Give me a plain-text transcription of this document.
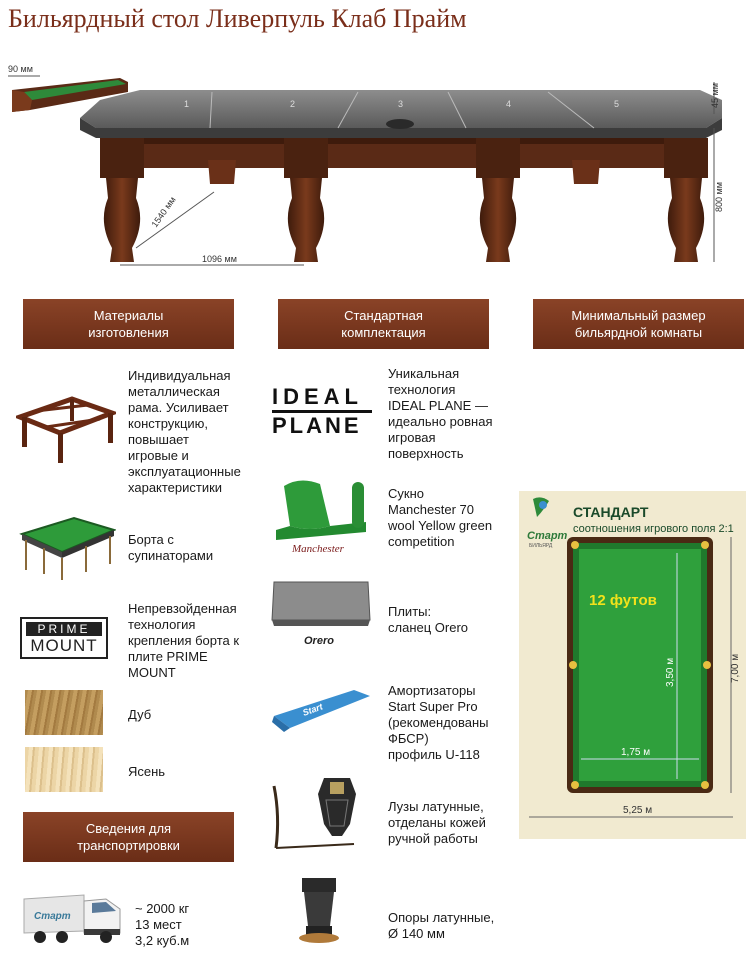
Бильярдный стол Ливерпуль Клаб Прайм
90 мм
1	2	3	4	5	45 мм
800 мм
1540 мм
1096 мм
Материалы
изготовления
Стандартная
комплектация
Минимальный размер
бильярдной комнаты
Индивидуальная
металлическая
рама. Усиливает
конструкцию,
повышает
игровые и
эксплуатационные
характеристики
Борта с
супинаторами
PRIME
MOUNT
Непревзойденная
технология
крепления борта к
плите PRIME
MOUNT
Дуб
Ясень
Сведения для
транспортировки
Старт
~ 2000 кг
13 мест
3,2 куб.м
IDEAL
PLANE
Уникальная
технология
IDEAL PLANE —
идеально ровная
игровая
поверхность
Manchester
Сукно
Manchester 70
wool Yellow green
competition
Orero
Плиты:
сланец Orero
Start
Амортизаторы
Start Super Pro
(рекомендованы
ФБСР)
профиль U-118
Лузы латунные,
отделаны кожей
ручной работы
Опоры латунные,
Ø 140 мм
Старт
БИЛЬЯРД
СТАНДАРТ
соотношения игрового поля 2:1
12 футов
3,50 м
1,75 м
7,00 м
5,25 м
